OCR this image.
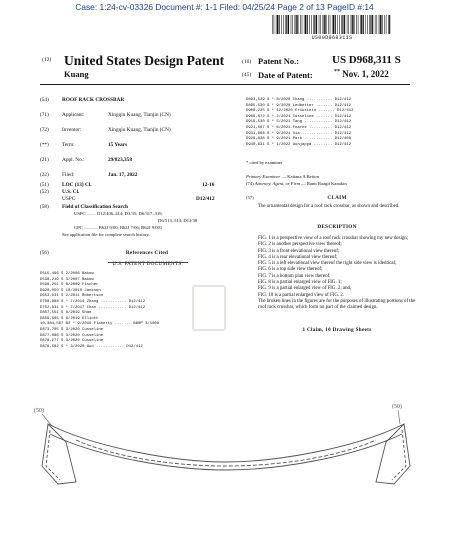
Case: 1:24-cv-03326 Document #: 1-1 Filed: 04/25/24 Page 2 of 13 PageID #:14
US00D968311S
(12) United States Design Patent
Kuang
(10) Patent No.:	US D968,311 S
(45) Date of Patent:	** Nov. 1, 2022
(54) ROOF RACK CROSSBAR
(71) Applicant:	Xingqiu Kuang, Tianjin (CN)
(72) Inventor:	Xingqiu Kuang, Tianjin (CN)
(**) Term:	15 Years
(21) Appl. No.:	29/823,358
(22) Filed:	Jan. 17, 2022
(51) LOC (13) Cl.	12-16
(52) U.S. Cl.
USPC	D12/412
(58) Field of Classification Search
USPC ........ D12/406–414; D3/35; D6/317–319,
D6/513–514; D12/38
CPC ............ B62J 9/00; B62J 7/06; B62J 9/001
See application file for complete search history.
(56)	References Cited
U.S. PATENT DOCUMENTS
D515,496 S 2/2006 Bakow
D538,219 S 3/2007 Bakow
D598,251 S 8/2009 Fischer
D620,050 S 10/2010 Jackson
D653,031 S 2/2011 Robertson
D709,888 S * 7/2014 Zhang ........... D12/412
D752,831 S * 7/2017 Chan ............ D12/412
D857,551 S 8/2019 Shan
D859,565 S 8/2019 Elliott
10,384,567 B2 * 9/2019 Flaherty ....... B60P 3/1008
D873,705 S 3/2020 Cusseline
D877,086 S 3/2020 Cusseline
D878,277 S 3/2020 Cusseline
D879,582 S * 3/2020 Guo ............ D12/412
D893,529 S * 8/2020 Chang ........... D12/412
D895,530 S * 9/2020 Ledbetter ....... D12/412
D906,225 S * 12/2020 Erikstein ....... D12/412
D909,872 S * 2/2021 Cusseline ....... D12/412
D919,530 S * 5/2021 Tang ............ D12/412
D921,567 S * 6/2021 Fearce .......... D12/412
D931,968 S * 9/2021 Xia ............. D12/412
D929,838 S * 9/2021 Park ............ D12/408
D940,631 S * 1/2022 Gunjappa ........ D12/412
* cited by examiner
Primary Examiner — Katiana A Betton
(74) Attorney, Agent, or Firm — Ranit Raagit Kanakin
(57)	CLAIM
The ornamental design for a roof rack crossbar, as shown and described.
DESCRIPTION
FIG. 1 is a perspective view of a roof rack crossbar showing my new design;
FIG. 2 is another perspective view thereof;
FIG. 3 is a front elevational view thereof;
FIG. 4 is a rear elevational view thereof;
FIG. 5 is a left elevational view thereof the right side view is identical;
FIG. 6 is a top side view thereof;
FIG. 7 is a bottom plan view thereof;
FIG. 8 is a partial enlarged view of FIG. 1;
FIG. 9 is a partial enlarged view of FIG. 2; and,
FIG. 10 is a partial enlarged view of FIG. 2.
The broken lines in the figures are for the purposes of illustrating portions of the roof rack crossbar, which form no part of the claimed design.
1 Claim, 10 Drawing Sheets
(50)
(50)
